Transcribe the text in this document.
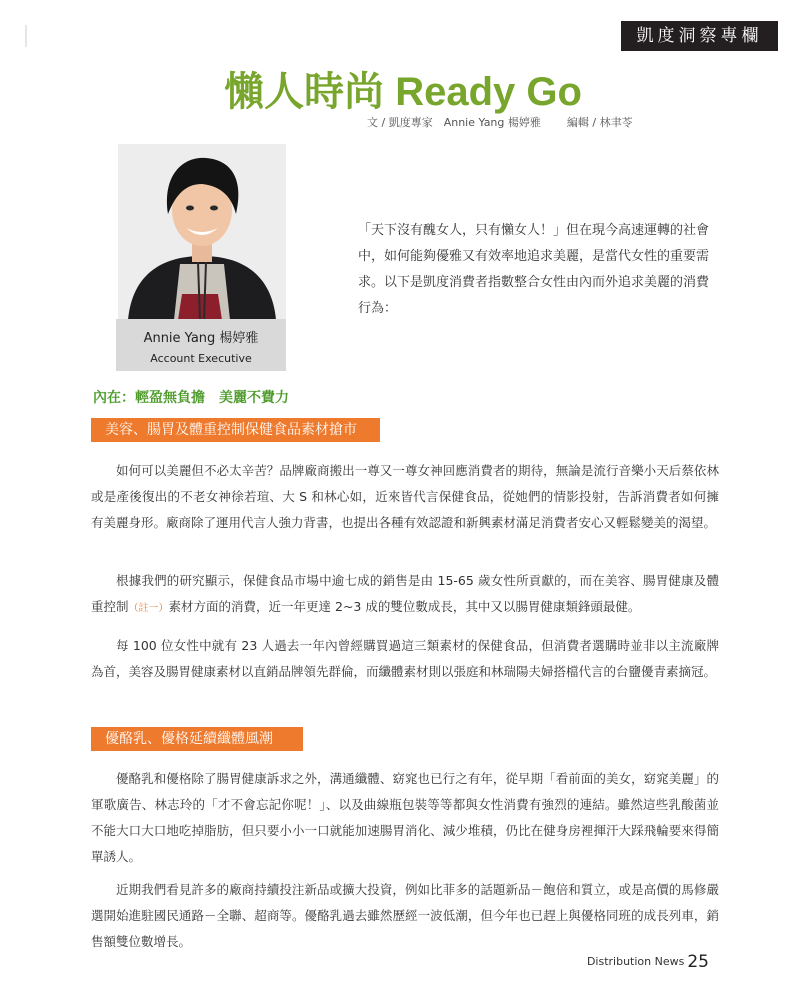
凱度洞察專欄
懶人時尚 Ready Go
文 / 凱度專家　Annie Yang 楊婷雅 編輯 / 林聿苓
Annie Yang 楊婷雅
Account Executive

「天下沒有醜女人，只有懶女人！」但在現今高速運轉的社會中，如何能夠優雅又有效率地追求美麗，是當代女性的重要需求。以下是凱度消費者指數整合女性由內而外追求美麗的消費行為：

內在：輕盈無負擔　美麗不費力

美容、腸胃及體重控制保健食品素材搶市

如何可以美麗但不必太辛苦？品牌廠商搬出一尊又一尊女神回應消費者的期待，無論是流行音樂小天后蔡依林或是產後復出的不老女神徐若瑄、大 S 和林心如，近來皆代言保健食品，從她們的情影投射，告訴消費者如何擁有美麗身形。廠商除了運用代言人強力背書，也提出各種有效認證和新興素材滿足消費者安心又輕鬆變美的渴望。

根據我們的研究顯示，保健食品市場中逾七成的銷售是由 15-65 歲女性所貢獻的，而在美容、腸胃健康及體重控制（註一）素材方面的消費，近一年更達 2~3 成的雙位數成長，其中又以腸胃健康類鋒頭最健。

每 100 位女性中就有 23 人過去一年內曾經購買過這三類素材的保健食品，但消費者選購時並非以主流廠牌為首，美容及腸胃健康素材以直銷品牌領先群倫，而纖體素材則以張庭和林瑞陽夫婦搭檔代言的台鹽優青素摘冠。

優酪乳、優格延續纖體風潮

優酪乳和優格除了腸胃健康訴求之外，溝通纖體、窈窕也已行之有年，從早期「看前面的美女，窈窕美麗」的軍歌廣告、林志玲的「才不會忘記你呢！」、以及曲線瓶包裝等等都與女性消費有強烈的連結。雖然這些乳酸菌並不能大口大口地吃掉脂肪，但只要小小一口就能加速腸胃消化、減少堆積，仍比在健身房裡揮汗大踩飛輪要來得簡單誘人。

近期我們看見許多的廠商持續投注新品或擴大投資，例如比菲多的話題新品－飽倍和質立，或是高價的馬修嚴選開始進駐國民通路－全聯、超商等。優酪乳過去雖然歷經一波低潮，但今年也已趕上與優格同班的成長列車，銷售額雙位數增長。

Distribution News 25
